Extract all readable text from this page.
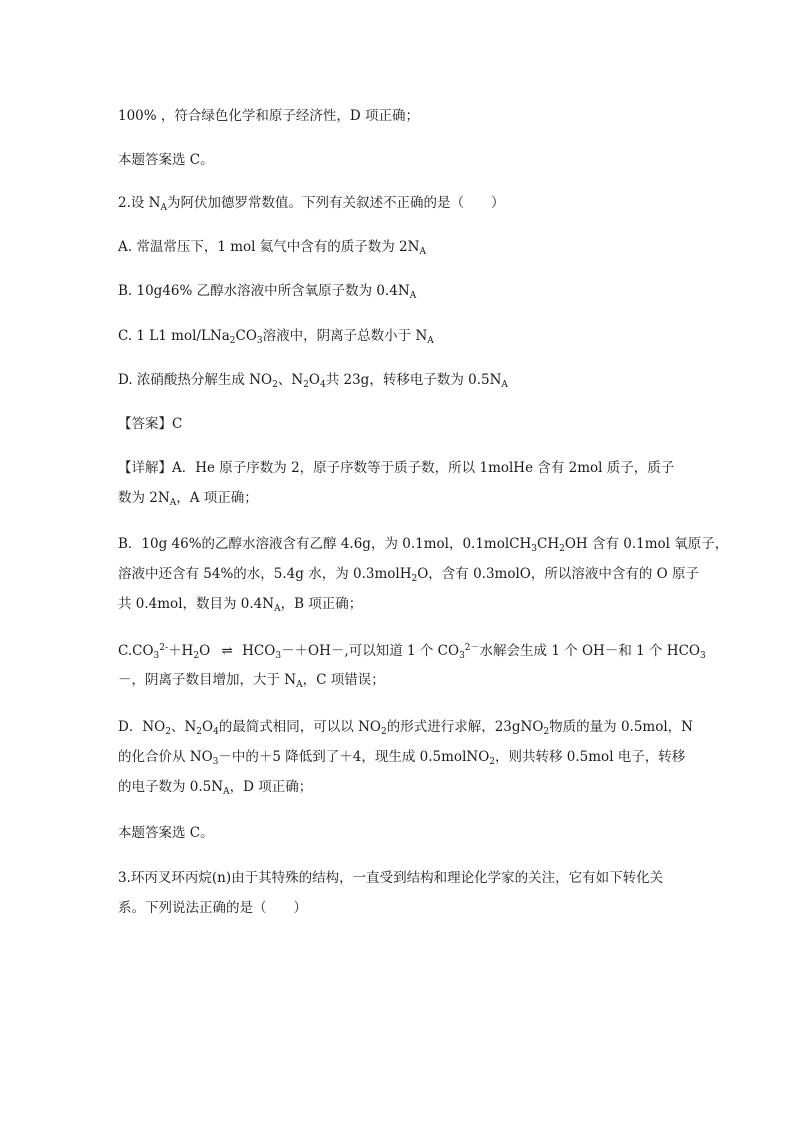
100% ，符合绿色化学和原子经济性，D 项正确；
本题答案选 C。
2.设 $N_A$为阿伏加德罗常数值。下列有关叙述不正确的是（　　）
A. 常温常压下，1 mol 氦气中含有的质子数为 $2N_A$
B. 10g46% 乙醇水溶液中所含氧原子数为 $0.4N_A$
C. 1 L1 mol/$LNa_2CO_3$溶液中，阴离子总数小于 $N_A$
D. 浓硝酸热分解生成 $NO_2$、$N_2O_4$共 23g，转移电子数为 $0.5N_A$
【答案】C
【详解】A．He 原子序数为 2，原子序数等于质子数，所以 1molHe 含有 2mol 质子，质子
数为 $2N_A$，A 项正确；
B．10g 46%的乙醇水溶液含有乙醇 4.6g，为 0.1mol，$0.1molCH_3CH_2OH$ 含有 0.1mol 氧原子，
溶液中还含有 54%的水，5.4g 水，为 0.3molH$_2$O，含有 0.3molO，所以溶液中含有的 O 原子
共 0.4mol，数目为 $0.4N_A$，B 项正确；
$C.CO_3^{2-}+H_2O$ ⇌ $HCO_3-+OH-$,可以知道 1 个 $CO_3^{2-}$水解会生成 1 个 OH－和 1 个 $HCO_3$
－，阴离子数目增加，大于 $N_A$，C 项错误；
D．$NO_2$、$N_2O_4$的最简式相同，可以以 $NO_2$的形式进行求解，23gNO$_2$物质的量为 0.5mol，N
的化合价从 $NO_3-$中的＋5 降低到了＋4，现生成 0.5molNO$_2$，则共转移 0.5mol 电子，转移
的电子数为 $0.5N_A$，D 项正确；
本题答案选 C。
3.环丙叉环丙烷(n)由于其特殊的结构，一直受到结构和理论化学家的关注，它有如下转化关
系。下列说法正确的是（　　）
